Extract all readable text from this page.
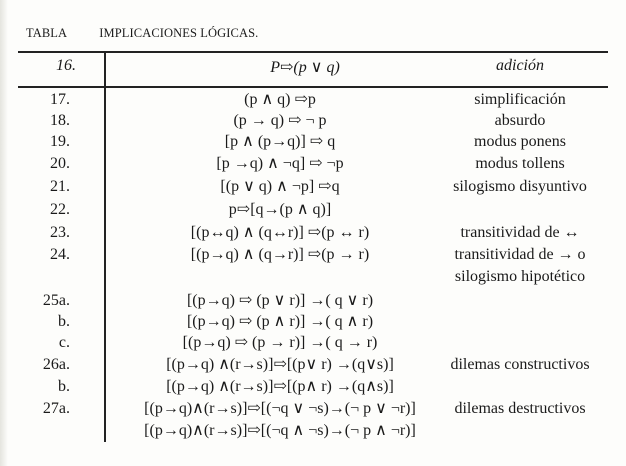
TABLA	IMPLICACIONES LÓGICAS.
16.	P⇨(p ∨ q)	adición
17.	(p ∧ q) ⇨p	simplificación
18.	(p → q) ⇨ ¬ p	absurdo
19.	[p ∧ (p→q)] ⇨ q	modus ponens
20.	[p →q) ∧ ¬q] ⇨ ¬p	modus tollens
21.	[(p ∨ q) ∧ ¬p] ⇨q	silogismo disyuntivo
22.	p⇨[q→(p ∧ q)]
23.	[(p↔q) ∧ (q↔r)] ⇨(p ↔ r)	transitividad de ↔
24.	[(p→q) ∧ (q→r)] ⇨(p → r)	transitividad de → o
silogismo hipotético
25a.	[(p→q) ⇨ (p ∨ r)] →( q ∨ r)
b.	[(p→q) ⇨ (p ∧ r)] →( q ∧ r)
c.	[(p→q) ⇨ (p → r)] →( q → r)
26a.	[(p→q) ∧(r→s)]⇨[(p∨ r) →(q∨s)]	dilemas constructivos
b.	[(p→q) ∧(r→s)]⇨[(p∧ r) →(q∧s)]
27a.	[(p→q)∧(r→s)]⇨[(¬q ∨ ¬s)→(¬ p ∨ ¬r)]	dilemas destructivos
[(p→q)∧(r→s)]⇨[(¬q ∧ ¬s)→(¬ p ∧ ¬r)]
